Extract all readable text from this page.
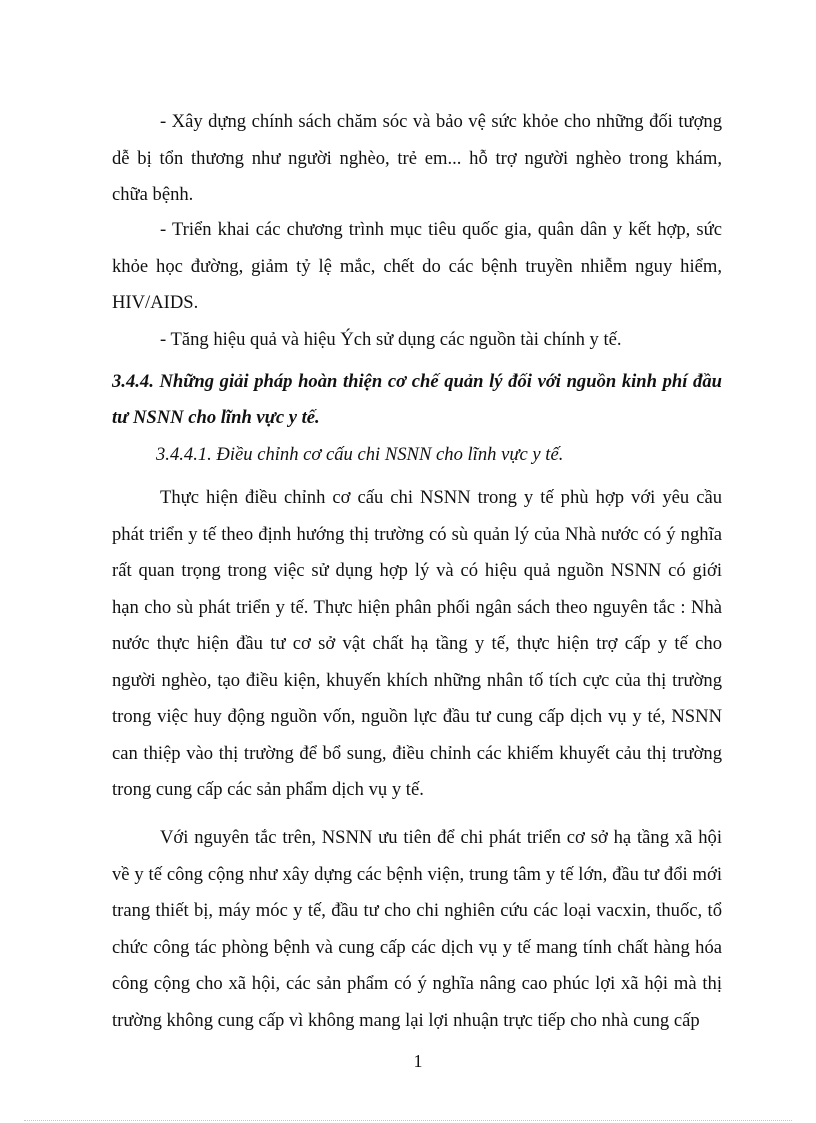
- Xây dựng chính sách chăm sóc và bảo vệ sức khỏe cho những đối tượng
dễ bị tổn thương như người nghèo, trẻ em... hỗ trợ người nghèo trong khám,
chữa bệnh.
- Triển khai các chương trình mục tiêu quốc gia, quân dân y kết hợp, sức
khỏe học đường, giảm tỷ lệ mắc, chết do các bệnh truyền nhiễm nguy hiểm,
HIV/AIDS.
- Tăng hiệu quả và hiệu Ých sử dụng các nguồn tài chính y tế.
3.4.4. Những giải pháp hoàn thiện cơ chế quản lý đối với nguồn kinh phí đầu
tư NSNN cho lĩnh vực y tế.
3.4.4.1. Điều chỉnh cơ cấu chi NSNN cho lĩnh vực y tế.
Thực hiện điều chỉnh cơ cấu chi NSNN trong y tế phù hợp với yêu cầu
phát triển y tế theo định hướng thị trường có sù quản lý của Nhà nước có ý nghĩa
rất quan trọng trong việc sử dụng hợp lý và có hiệu quả nguồn NSNN có giới
hạn cho sù phát triển y tế. Thực hiện phân phối ngân sách theo nguyên tắc : Nhà
nước thực hiện đầu tư cơ sở vật chất hạ tầng y tế, thực hiện trợ cấp y tế cho
người nghèo, tạo điều kiện, khuyến khích những nhân tố tích cực của thị trường
trong việc huy động nguồn vốn, nguồn lực đầu tư cung cấp dịch vụ y té, NSNN
can thiệp vào thị trường để bổ sung, điều chỉnh các khiếm khuyết cảu thị trường
trong cung cấp các sản phẩm dịch vụ y tế.
Với nguyên tắc trên, NSNN ưu tiên để chi phát triển cơ sở hạ tầng xã hội
về y tế công cộng như xây dựng các bệnh viện, trung tâm y tế lớn, đầu tư đổi mới
trang thiết bị, máy móc y tế, đầu tư cho chi nghiên cứu các loại vacxin, thuốc, tổ
chức công tác phòng bệnh và cung cấp các dịch vụ y tế mang tính chất hàng hóa
công cộng cho xã hội, các sản phẩm có ý nghĩa nâng cao phúc lợi xã hội mà thị
trường không cung cấp vì không mang lại lợi nhuận trực tiếp cho nhà cung cấp
1
